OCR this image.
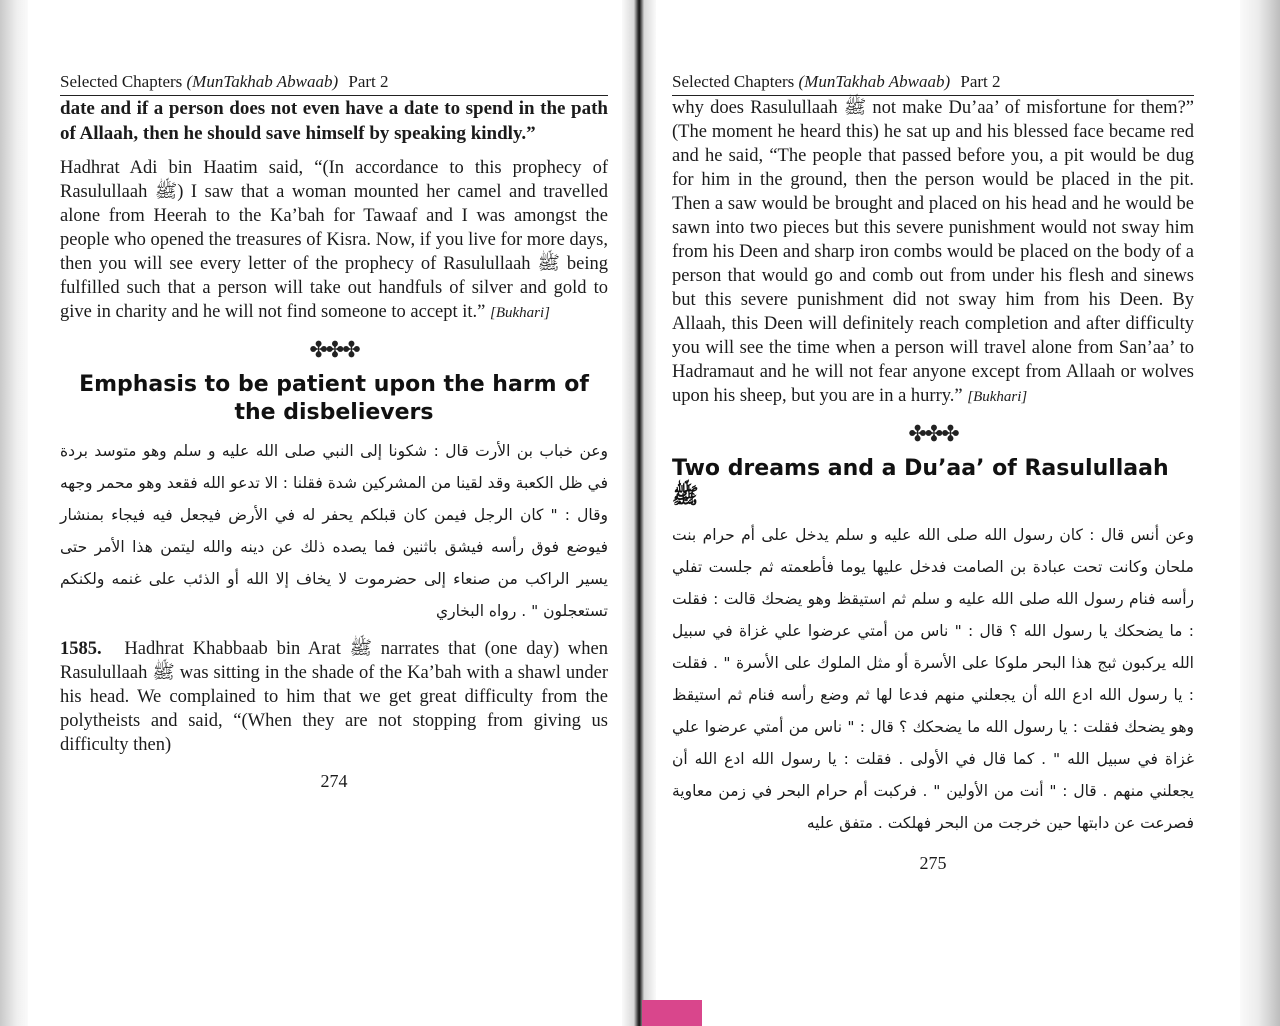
Selected Chapters (MunTakhab Abwaab) Part 2

date and if a person does not even have a date to spend in the path of Allaah, then he should save himself by speaking kindly.”

Hadhrat Adi bin Haatim said, “(In accordance to this prophecy of Rasulullaah ﷺ) I saw that a woman mounted her camel and travelled alone from Heerah to the Ka’bah for Tawaaf and I was amongst the people who opened the treasures of Kisra. Now, if you live for more days, then you will see every letter of the prophecy of Rasulullaah ﷺ being fulfilled such that a person will take out handfuls of silver and gold to give in charity and he will not find someone to accept it.” [Bukhari]

✤✤✤
Emphasis to be patient upon the harm of the disbelievers
وعن خباب بن الأرت قال : شكونا إلى النبي صلى الله عليه و سلم وهو متوسد بردة في ظل الكعبة وقد لقينا من المشركين شدة فقلنا : الا تدعو الله فقعد وهو محمر وجهه وقال : " كان الرجل فيمن كان قبلكم يحفر له في الأرض فيجعل فيه فيجاء بمنشار فيوضع فوق رأسه فيشق باثنين فما يصده ذلك عن دينه والله ليتمن هذا الأمر حتى يسير الراكب من صنعاء إلى حضرموت لا يخاف إلا الله أو الذئب على غنمه ولكنكم تستعجلون " . رواه البخاري

1585. Hadhrat Khabbaab bin Arat ﷺ narrates that (one day) when Rasulullaah ﷺ was sitting in the shade of the Ka’bah with a shawl under his head. We complained to him that we get great difficulty from the polytheists and said, “(When they are not stopping from giving us difficulty then)

274
Selected Chapters (MunTakhab Abwaab) Part 2

why does Rasulullaah ﷺ not make Du’aa’ of misfortune for them?” (The moment he heard this) he sat up and his blessed face became red and he said, “The people that passed before you, a pit would be dug for him in the ground, then the person would be placed in the pit. Then a saw would be brought and placed on his head and he would be sawn into two pieces but this severe punishment would not sway him from his Deen and sharp iron combs would be placed on the body of a person that would go and comb out from under his flesh and sinews but this severe punishment did not sway him from his Deen. By Allaah, this Deen will definitely reach completion and after difficulty you will see the time when a person will travel alone from San’aa’ to Hadramaut and he will not fear anyone except from Allaah or wolves upon his sheep, but you are in a hurry.” [Bukhari]

✤✤✤
Two dreams and a Du’aa’ of Rasulullaah ﷺ
وعن أنس قال : كان رسول الله صلى الله عليه و سلم يدخل على أم حرام بنت ملحان وكانت تحت عبادة بن الصامت فدخل عليها يوما فأطعمته ثم جلست تفلي رأسه فنام رسول الله صلى الله عليه و سلم ثم استيقظ وهو يضحك قالت : فقلت : ما يضحكك يا رسول الله ؟ قال : " ناس من أمتي عرضوا علي غزاة في سبيل الله يركبون ثبج هذا البحر ملوكا على الأسرة أو مثل الملوك على الأسرة " . فقلت : يا رسول الله ادع الله أن يجعلني منهم فدعا لها ثم وضع رأسه فنام ثم استيقظ وهو يضحك فقلت : يا رسول الله ما يضحكك ؟ قال : " ناس من أمتي عرضوا علي غزاة في سبيل الله " . كما قال في الأولى . فقلت : يا رسول الله ادع الله أن يجعلني منهم . قال : " أنت من الأولين " . فركبت أم حرام البحر في زمن معاوية فصرعت عن دابتها حين خرجت من البحر فهلكت . متفق عليه
275
